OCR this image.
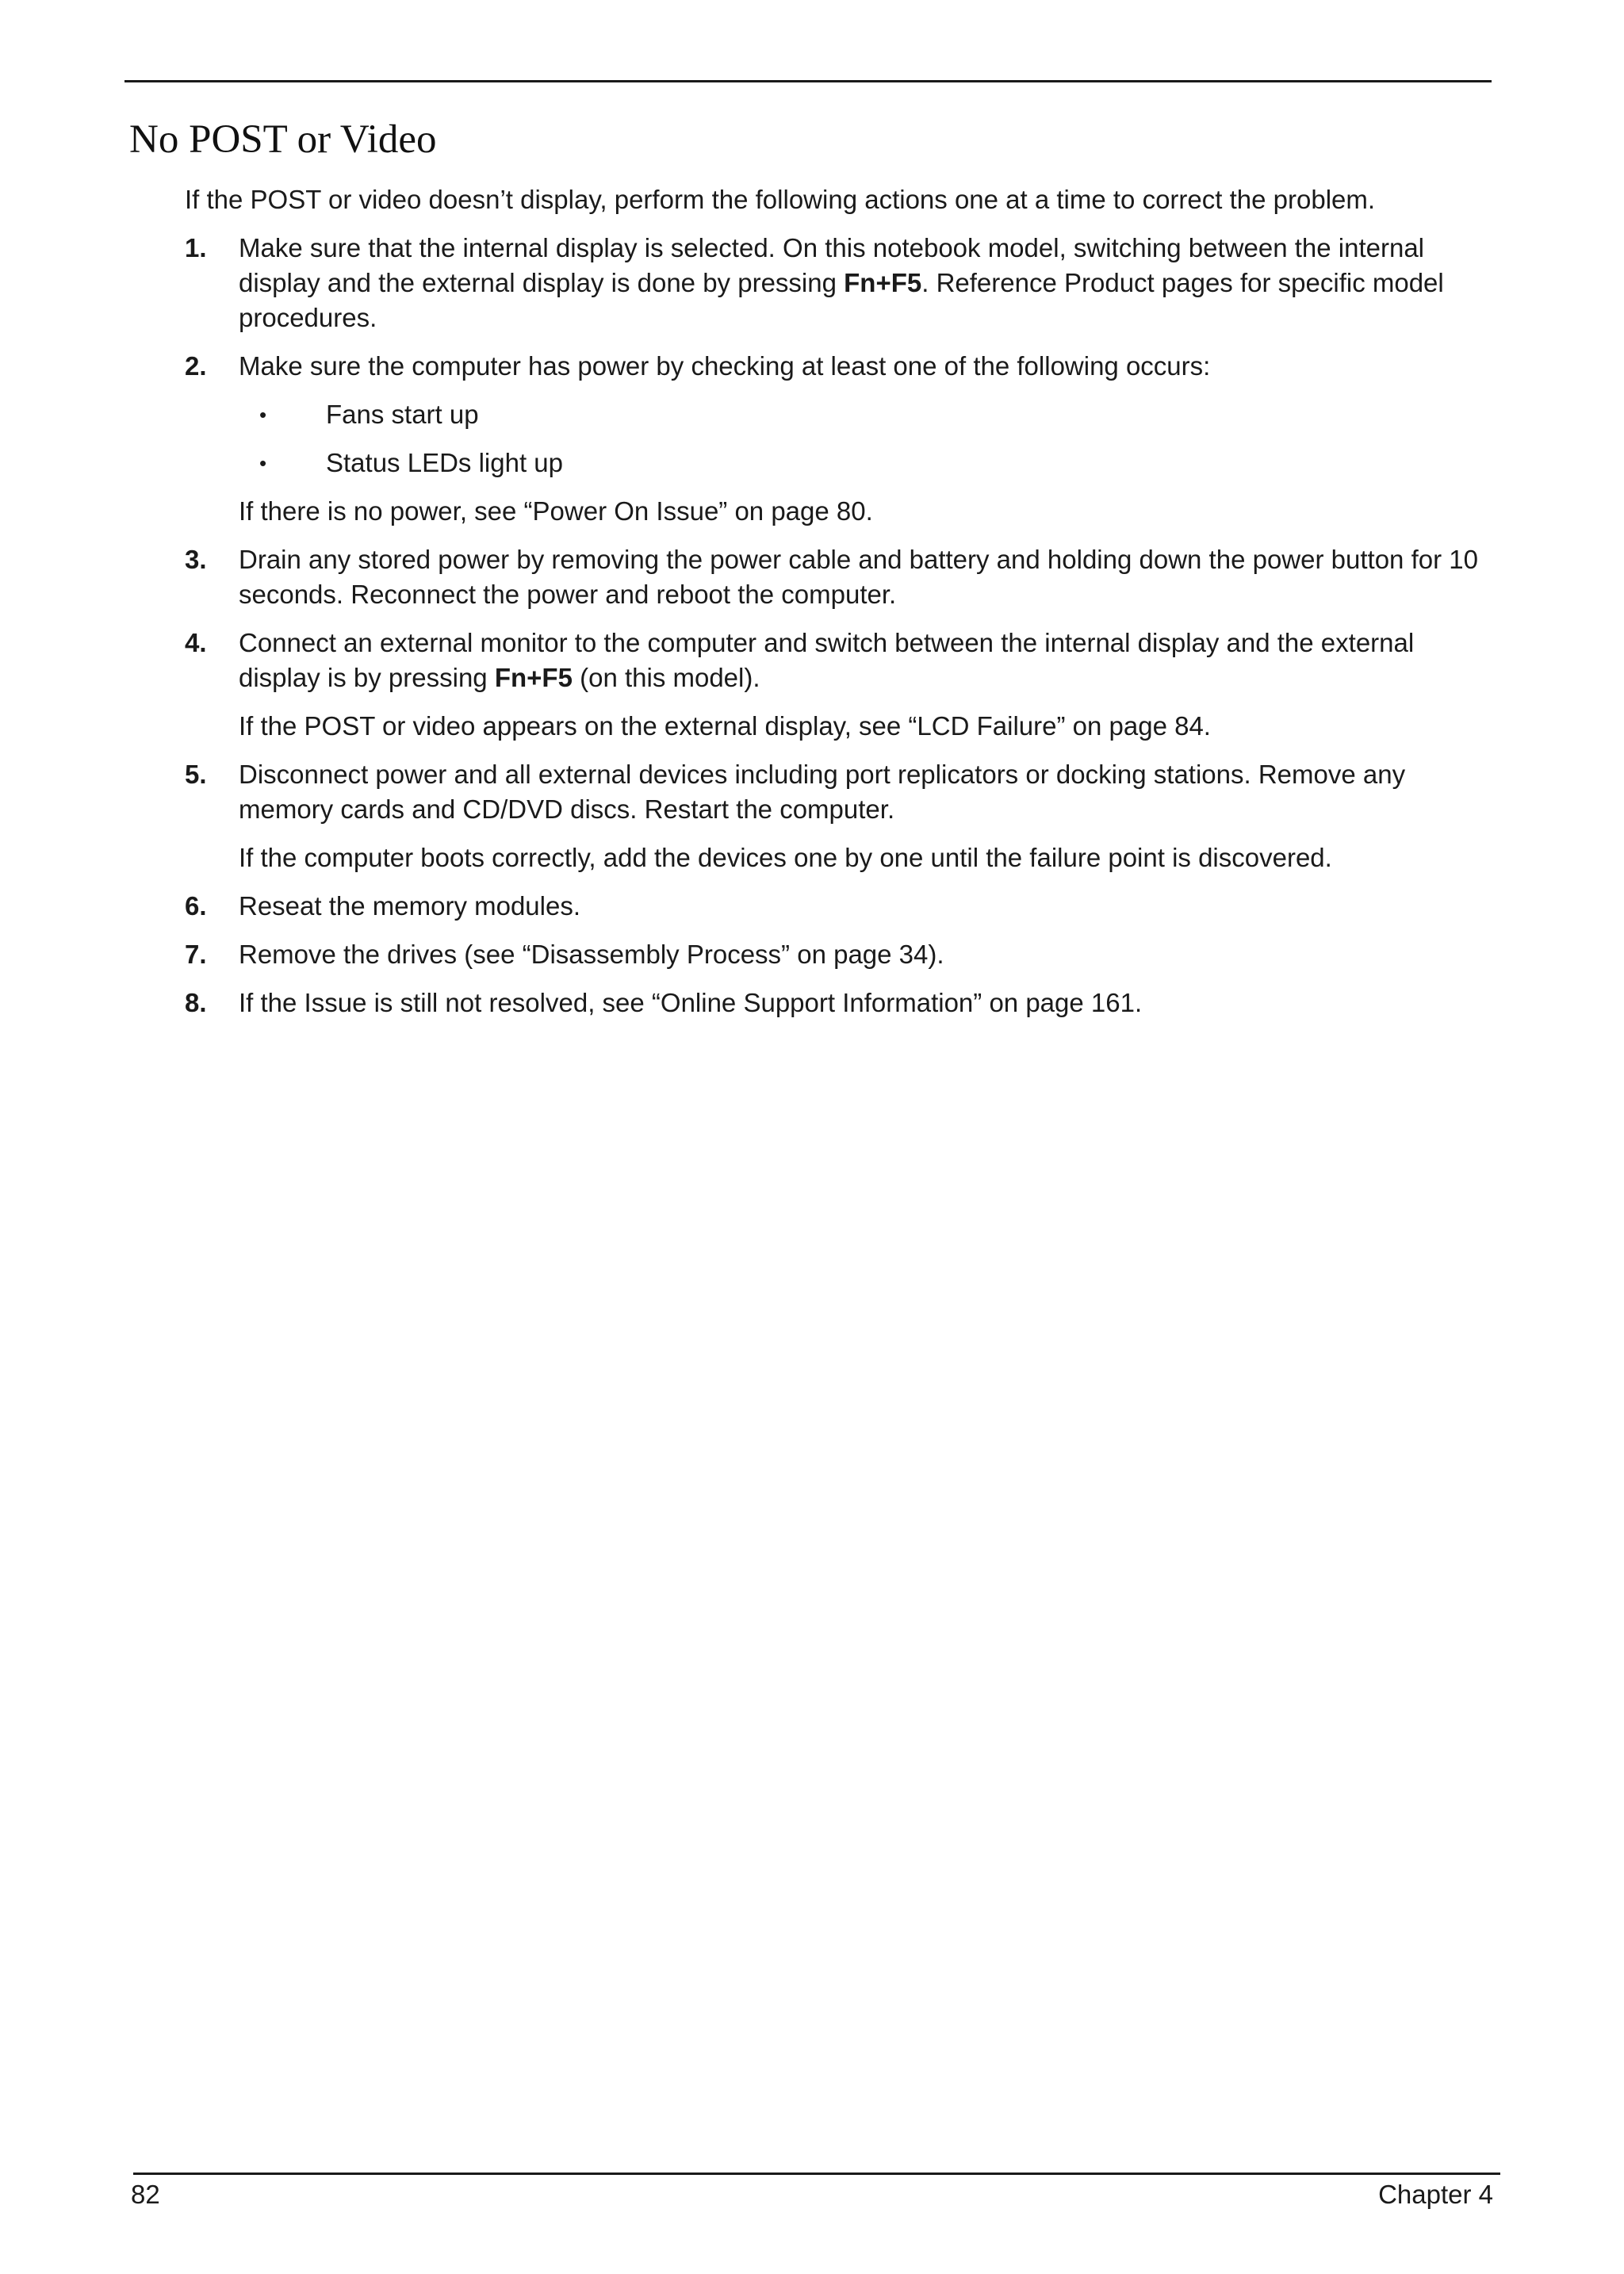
No POST or Video

If the POST or video doesn’t display, perform the following actions one at a time to correct the problem.

1.	Make sure that the internal display is selected. On this notebook model, switching between the internal display and the external display is done by pressing Fn+F5. Reference Product pages for specific model procedures.
2.	Make sure the computer has power by checking at least one of the following occurs:
•	Fans start up
•	Status LEDs light up
If there is no power, see “Power On Issue” on page 80.
3.	Drain any stored power by removing the power cable and battery and holding down the power button for 10 seconds. Reconnect the power and reboot the computer.
4.	Connect an external monitor to the computer and switch between the internal display and the external display is by pressing Fn+F5 (on this model).
If the POST or video appears on the external display, see “LCD Failure” on page 84.
5.	Disconnect power and all external devices including port replicators or docking stations. Remove any memory cards and CD/DVD discs. Restart the computer.
If the computer boots correctly, add the devices one by one until the failure point is discovered.
6.	Reseat the memory modules.
7.	Remove the drives (see “Disassembly Process” on page 34).
8.	If the Issue is still not resolved, see “Online Support Information” on page 161.
82	Chapter 4
